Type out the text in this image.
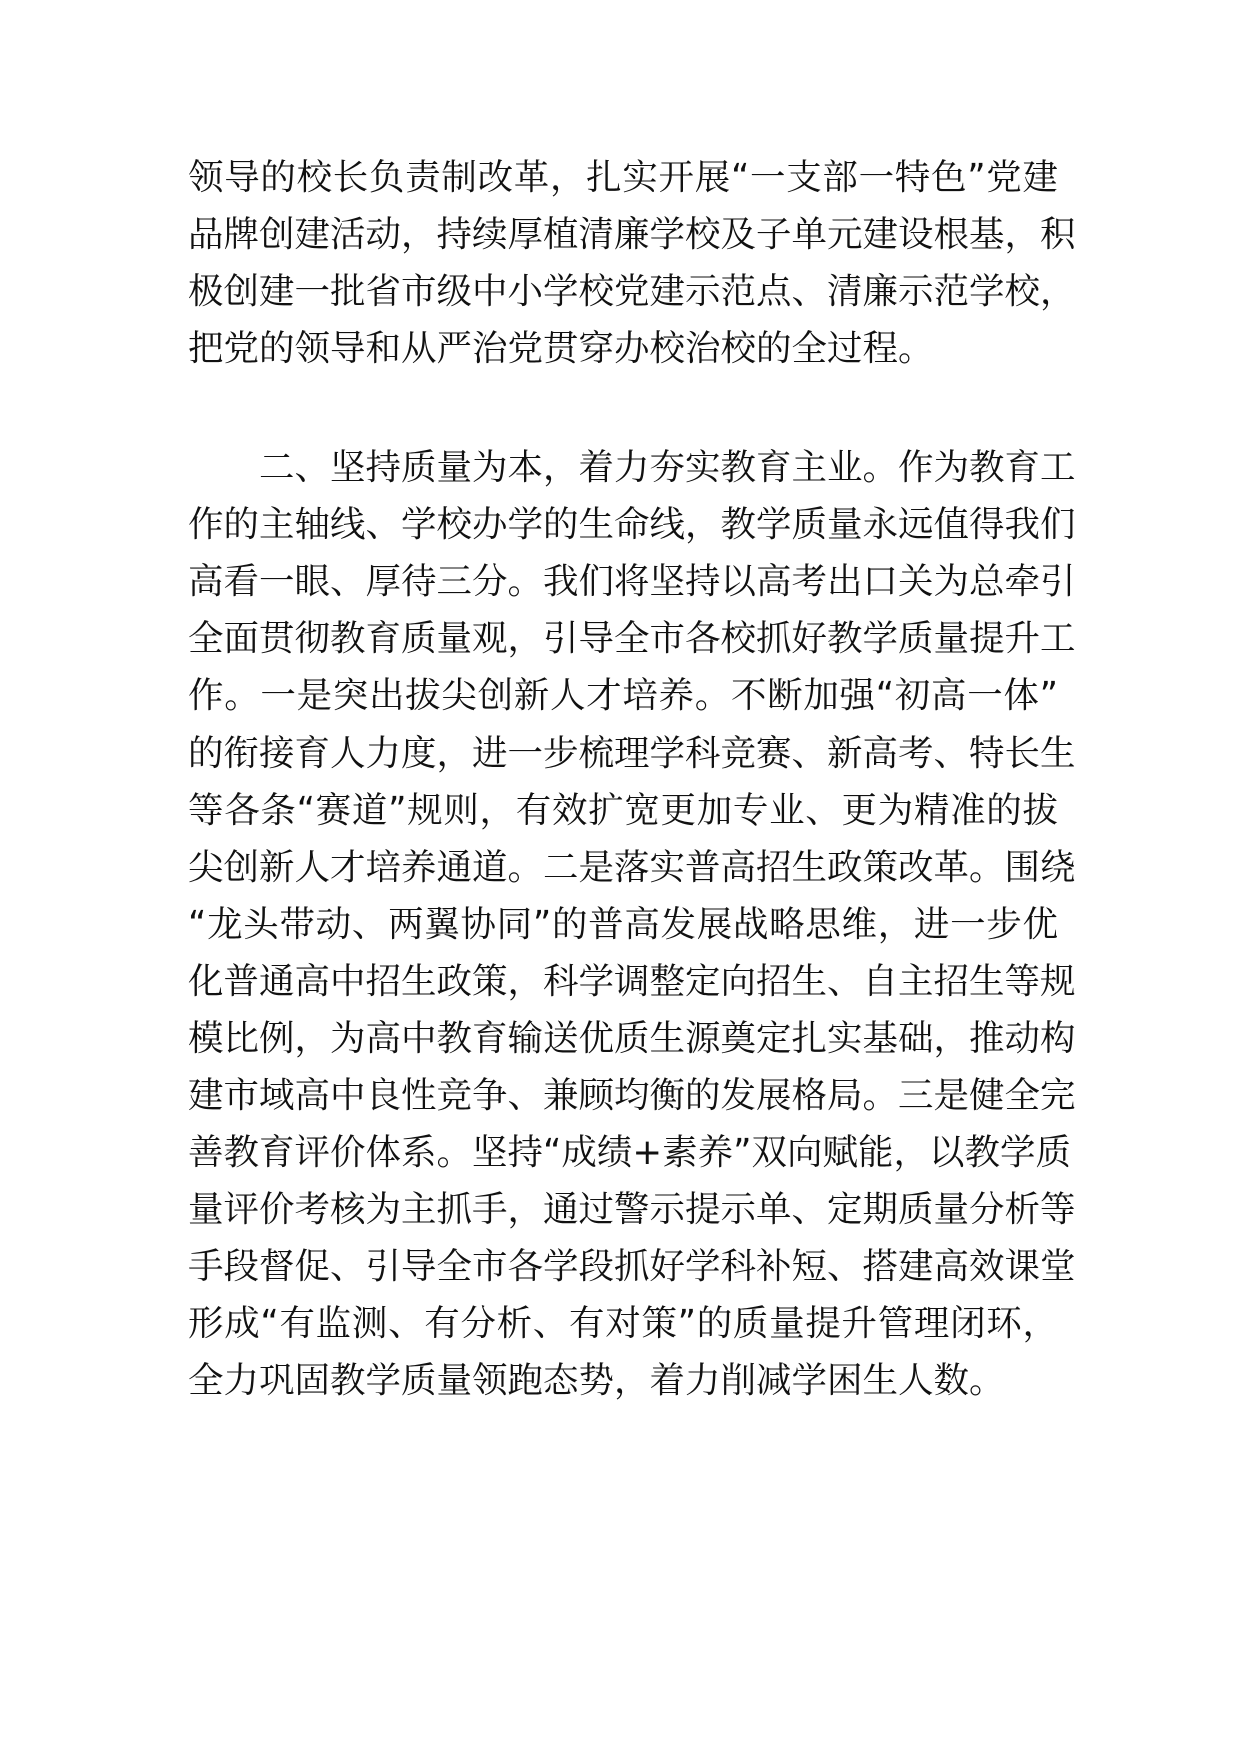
领导的校长负责制改革，扎实开展“一支部一特色”党建
品牌创建活动，持续厚植清廉学校及子单元建设根基，积
极创建一批省市级中小学校党建示范点、清廉示范学校，
把党的领导和从严治党贯穿办校治校的全过程。
　　二、坚持质量为本，着力夯实教育主业。作为教育工
作的主轴线、学校办学的生命线，教学质量永远值得我们
高看一眼、厚待三分。我们将坚持以高考出口关为总牵引
全面贯彻教育质量观，引导全市各校抓好教学质量提升工
作。一是突出拔尖创新人才培养。不断加强“初高一体”
的衔接育人力度，进一步梳理学科竞赛、新高考、特长生
等各条“赛道”规则，有效扩宽更加专业、更为精准的拔
尖创新人才培养通道。二是落实普高招生政策改革。围绕
“龙头带动、两翼协同”的普高发展战略思维，进一步优
化普通高中招生政策，科学调整定向招生、自主招生等规
模比例，为高中教育输送优质生源奠定扎实基础，推动构
建市域高中良性竞争、兼顾均衡的发展格局。三是健全完
善教育评价体系。坚持“成绩+素养”双向赋能，以教学质
量评价考核为主抓手，通过警示提示单、定期质量分析等
手段督促、引导全市各学段抓好学科补短、搭建高效课堂
形成“有监测、有分析、有对策”的质量提升管理闭环，
全力巩固教学质量领跑态势，着力削减学困生人数。
